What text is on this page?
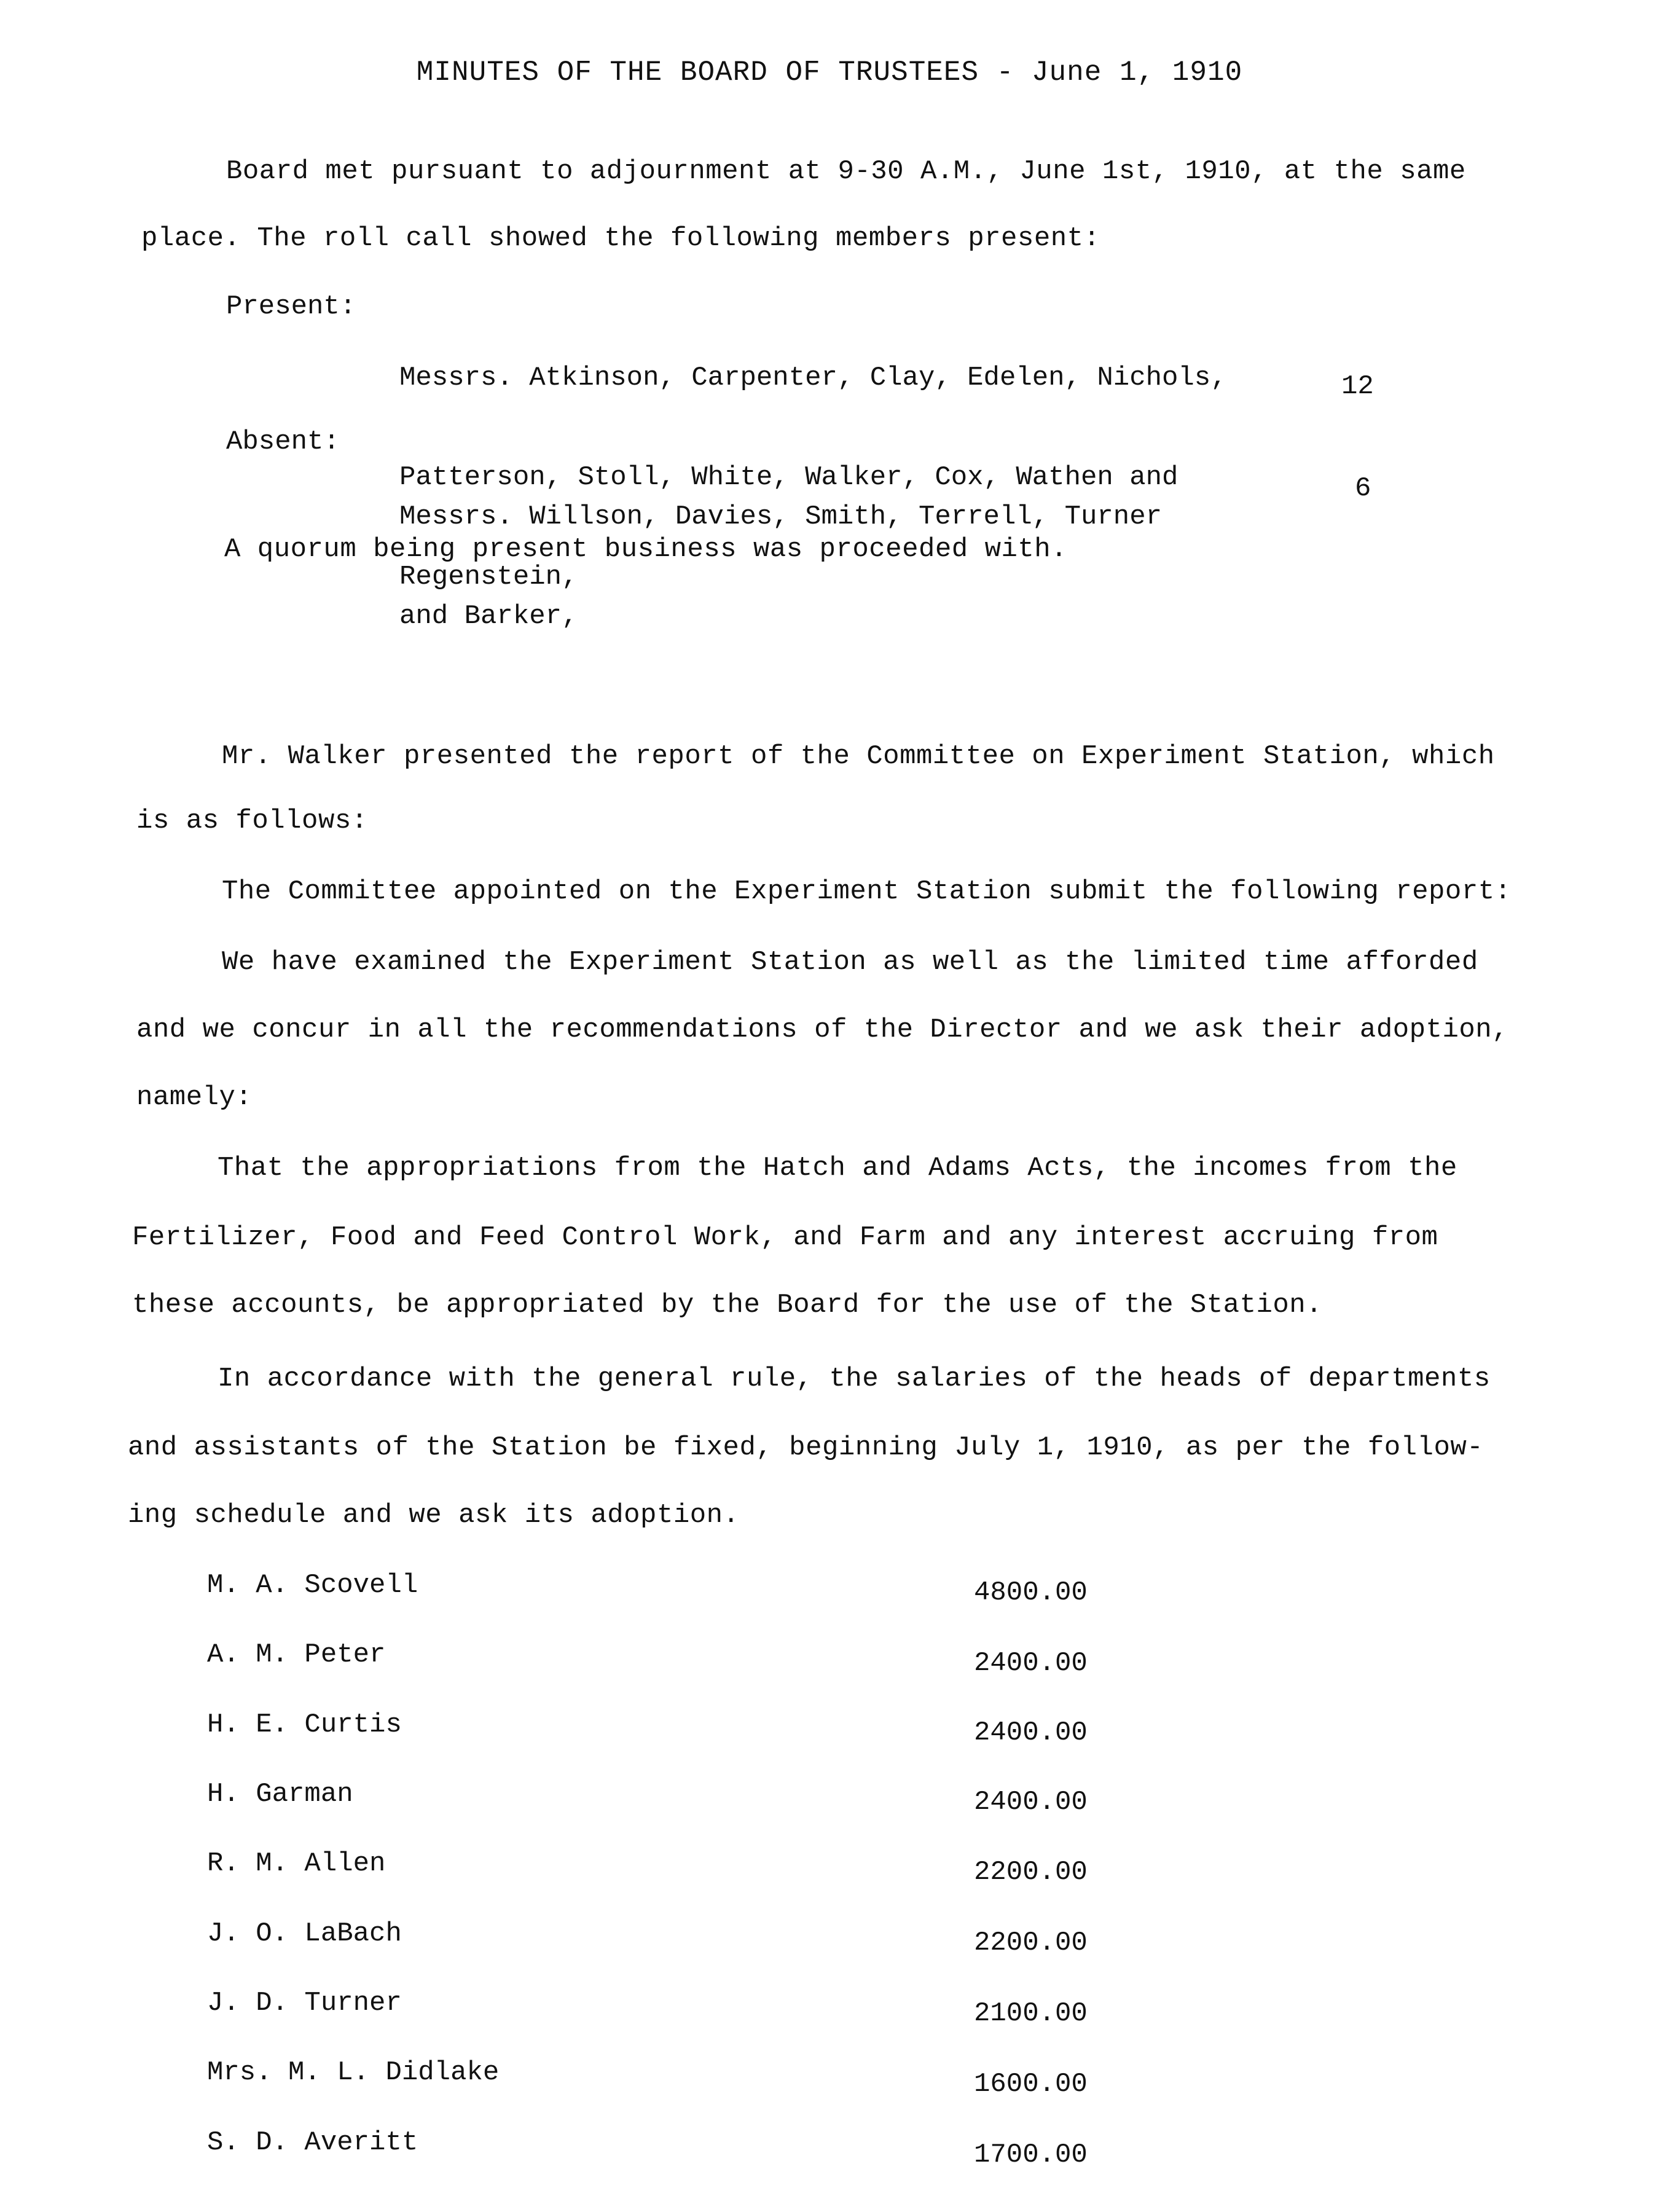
MINUTES OF THE BOARD OF TRUSTEES - June 1, 1910
Board met pursuant to adjournment at 9-30 A.M., June 1st, 1910, at the same
place. The roll call showed the following members present:
Present:

Messrs. Atkinson, Carpenter, Clay, Edelen, Nichols,

Patterson, Stoll, White, Walker, Cox, Wathen and

Regenstein,

12
Absent:

Messrs. Willson, Davies, Smith, Terrell, Turner

and Barker,

6
A quorum being present business was proceeded with.
Mr. Walker presented the report of the Committee on Experiment Station, which
is as follows:
The Committee appointed on the Experiment Station submit the following report:
We have examined the Experiment Station as well as the limited time afforded
and we concur in all the recommendations of the Director and we ask their adoption,
namely:
That the appropriations from the Hatch and Adams Acts, the incomes from the
Fertilizer, Food and Feed Control Work, and Farm and any interest accruing from
these accounts, be appropriated by the Board for the use of the Station.
In accordance with the general rule, the salaries of the heads of departments
and assistants of the Station be fixed, beginning July 1, 1910, as per the follow-
ing schedule and we ask its adoption.
M. A. Scovell	4800.00
A. M. Peter	2400.00
H. E. Curtis	2400.00
H. Garman	2400.00
R. M. Allen	2200.00
J. O. LaBach	2200.00
J. D. Turner	2100.00
Mrs. M. L. Didlake	1600.00
S. D. Averitt	1700.00
